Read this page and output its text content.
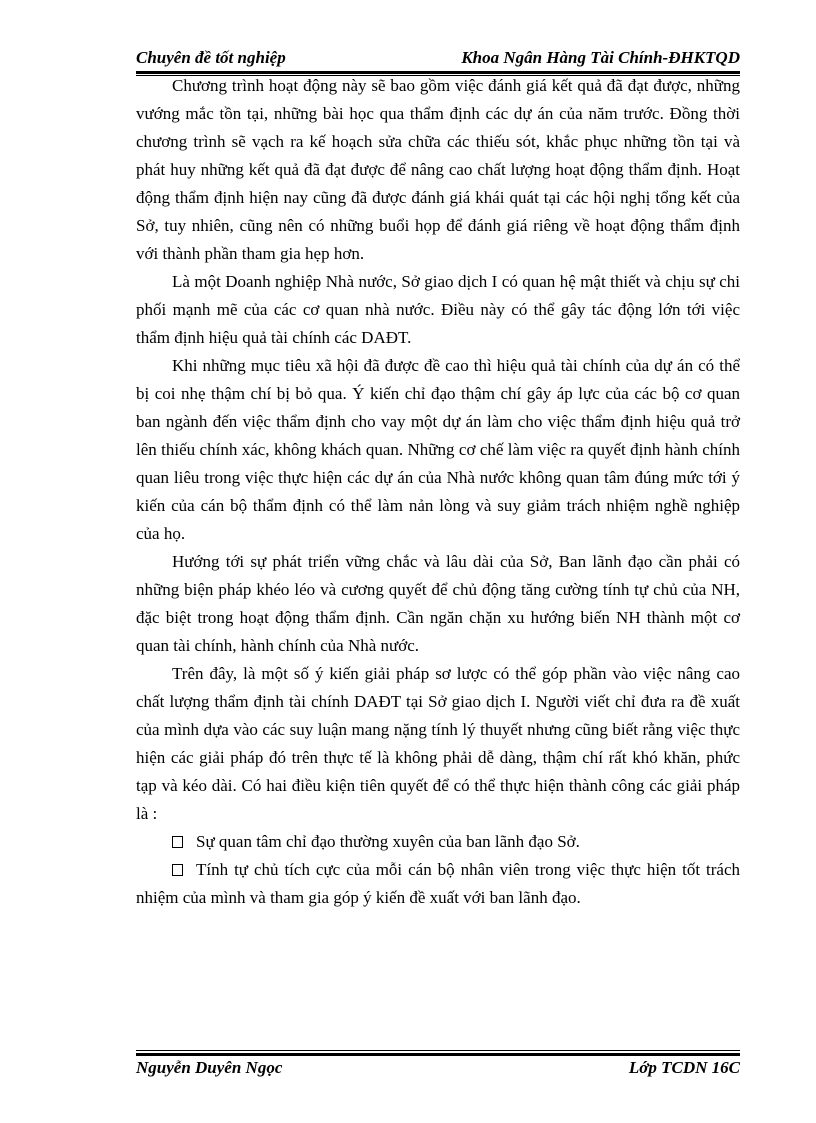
Chuyên đề tốt nghiệp	Khoa Ngân Hàng Tài Chính-ĐHKTQD

Chương trình hoạt động này sẽ bao gồm việc đánh giá kết quả đã đạt được, những vướng mắc tồn tại, những bài học qua thẩm định các dự án của năm trước. Đồng thời chương trình sẽ vạch ra kế hoạch sửa chữa các thiếu sót, khắc phục những tồn tại và phát huy những kết quả đã đạt được để nâng cao chất lượng hoạt động thẩm định. Hoạt động thẩm định hiện nay cũng đã được đánh giá khái quát tại các hội nghị tổng kết của Sở, tuy nhiên, cũng nên có những buổi họp để đánh giá riêng về hoạt động thẩm định với thành phần tham gia hẹp hơn.

Là một Doanh nghiệp Nhà nước, Sở giao dịch I có quan hệ mật thiết và chịu sự chi phối mạnh mẽ của các cơ quan nhà nước. Điều này có thể gây tác động lớn tới việc thẩm định hiệu quả tài chính các DAĐT.

Khi những mục tiêu xã hội đã được đề cao thì hiệu quả tài chính của dự án có thể bị coi nhẹ thậm chí bị bỏ qua. Ý kiến chỉ đạo thậm chí gây áp lực của các bộ cơ quan ban ngành đến việc thẩm định cho vay một dự án làm cho việc thẩm định hiệu quả trở lên thiếu chính xác, không khách quan. Những cơ chế làm việc ra quyết định hành chính quan liêu trong việc thực hiện các dự án của Nhà nước không quan tâm đúng mức tới ý kiến của cán bộ thẩm định có thể làm nản lòng và suy giảm trách nhiệm nghề nghiệp của họ.

Hướng tới sự phát triển vững chắc và lâu dài của Sở, Ban lãnh đạo cần phải có những biện pháp khéo léo và cương quyết để chủ động tăng cường tính tự chủ của NH, đặc biệt trong hoạt động thẩm định. Cần ngăn chặn xu hướng biến NH thành một cơ quan tài chính, hành chính của Nhà nước.

Trên đây, là một số ý kiến giải pháp sơ lược có thể góp phần vào việc nâng cao chất lượng thẩm định tài chính DAĐT tại Sở giao dịch I. Người viết chỉ đưa ra đề xuất của mình dựa vào các suy luận mang nặng tính lý thuyết nhưng cũng biết rằng việc thực hiện các giải pháp đó trên thực tế là không phải dễ dàng, thậm chí rất khó khăn, phức tạp và kéo dài. Có hai điều kiện tiên quyết để có thể thực hiện thành công các giải pháp là :

Sự quan tâm chỉ đạo thường xuyên của ban lãnh đạo Sở.

Tính tự chủ tích cực của mỗi cán bộ nhân viên trong việc thực hiện tốt trách nhiệm của mình và tham gia góp ý kiến đề xuất với ban lãnh đạo.

Nguyễn Duyên Ngọc	Lớp TCDN 16C
